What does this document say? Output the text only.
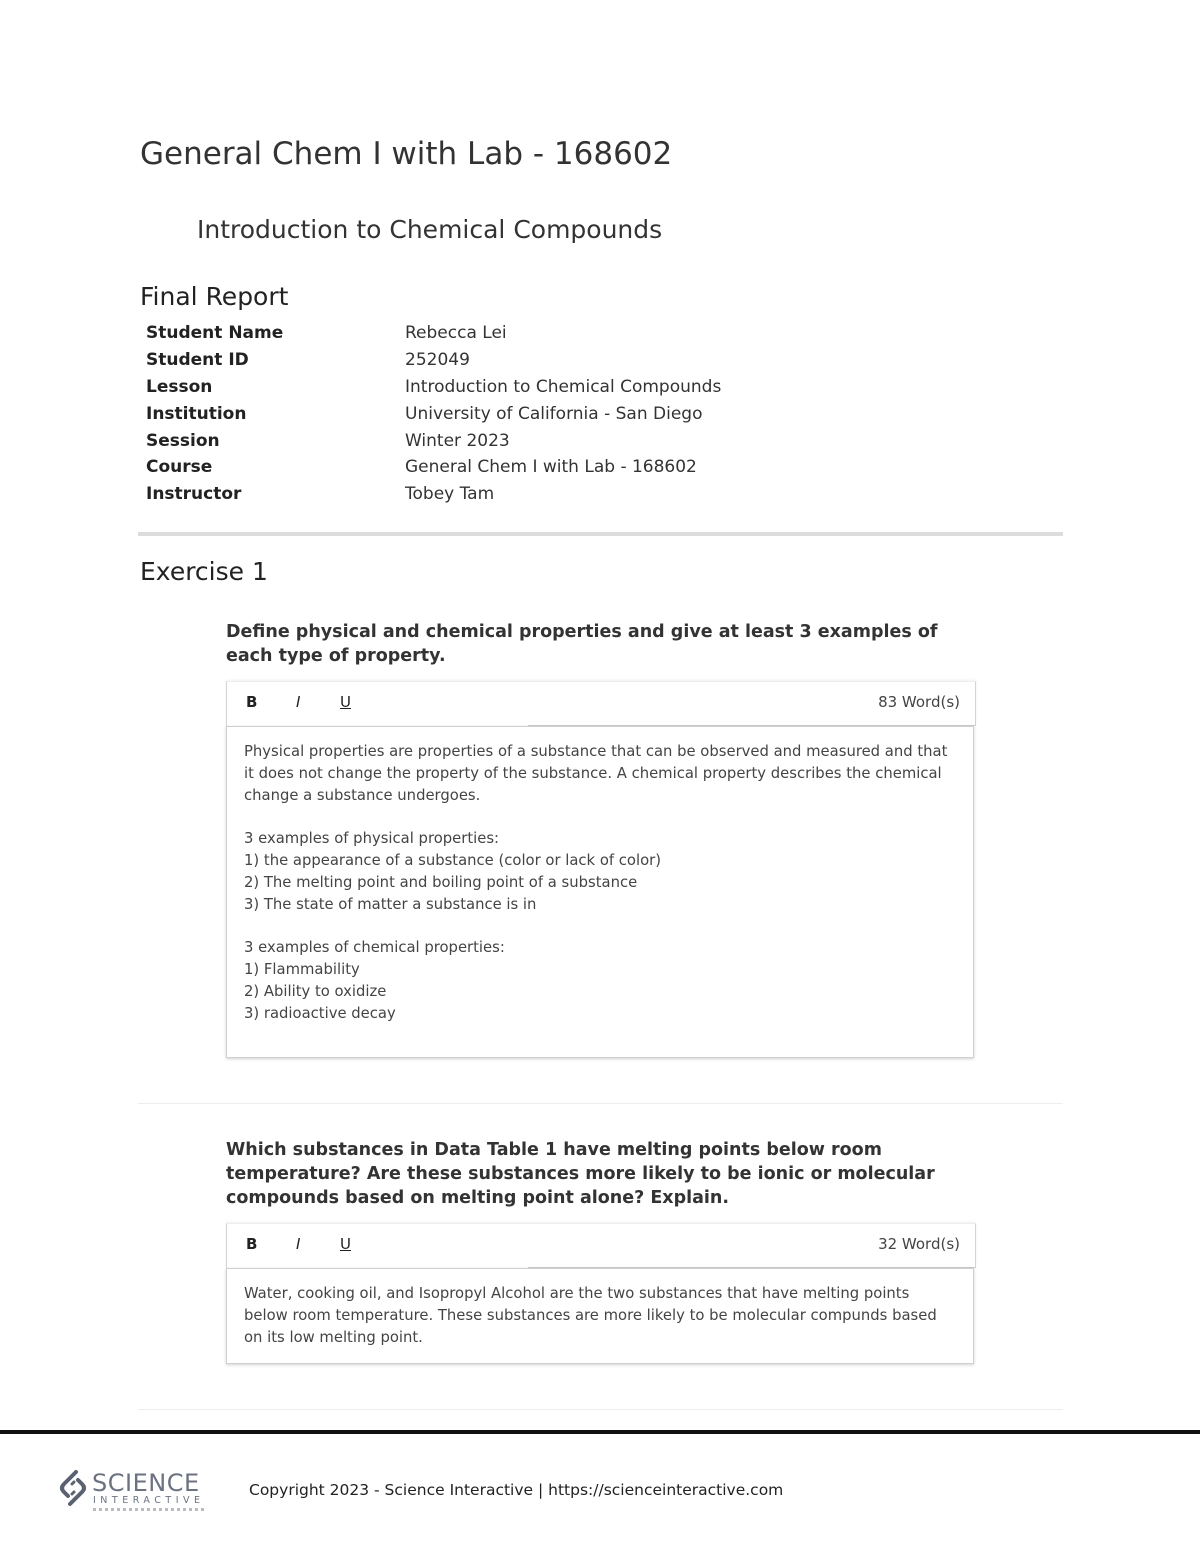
General Chem I with Lab - 168602
Introduction to Chemical Compounds
Final Report
Student Name	Rebecca Lei
Student ID	252049
Lesson	Introduction to Chemical Compounds
Institution	University of California - San Diego
Session	Winter 2023
Course	General Chem I with Lab - 168602
Instructor	Tobey Tam
Exercise 1
Define physical and chemical properties and give at least 3 examples of each type of property.
B	I	U	83 Word(s)
Physical properties are properties of a substance that can be observed and measured and that it does not change the property of the substance. A chemical property describes the chemical change a substance undergoes.

3 examples of physical properties:
1) the appearance of a substance (color or lack of color)
2) The melting point and boiling point of a substance
3) The state of matter a substance is in

3 examples of chemical properties:
1) Flammability
2) Ability to oxidize
3) radioactive decay
Which substances in Data Table 1 have melting points below room temperature? Are these substances more likely to be ionic or molecular compounds based on melting point alone? Explain.
B	I	U	32 Word(s)
Water, cooking oil, and Isopropyl Alcohol are the two substances that have melting points below room temperature. These substances are more likely to be molecular compunds based on its low melting point.
SCIENCE
INTERACTIVE
Copyright 2023 - Science Interactive | https://scienceinteractive.com
